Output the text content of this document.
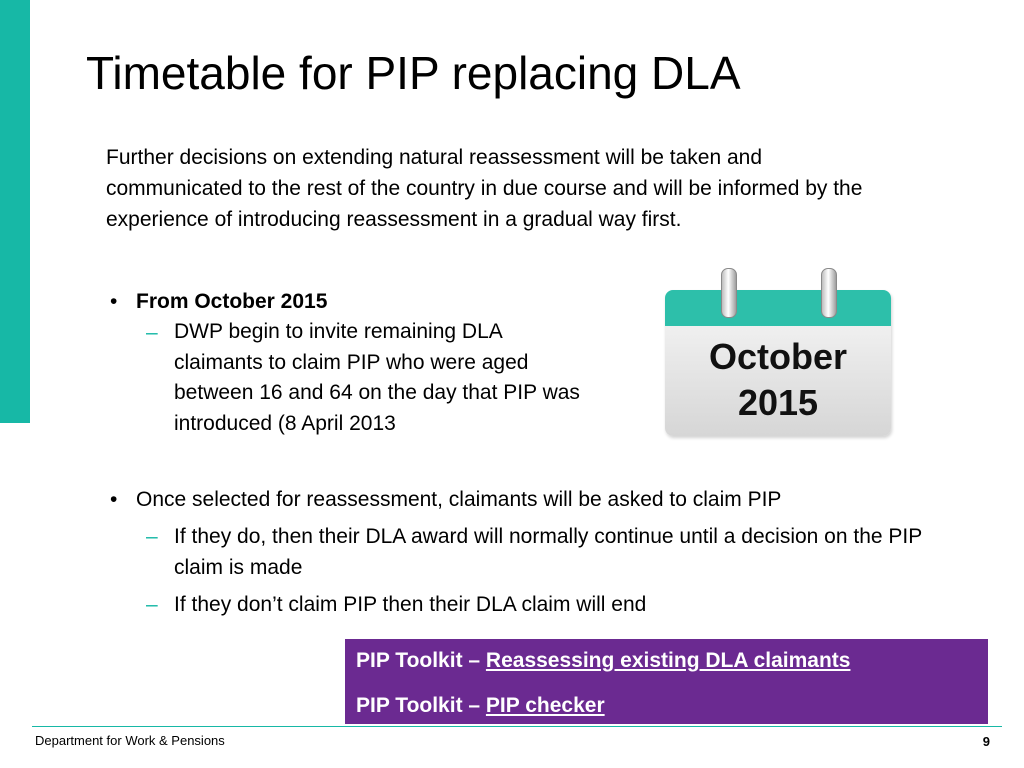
Timetable for PIP replacing DLA

Further decisions on extending natural reassessment will be taken and communicated to the rest of the country in due course and will be informed by the experience of introducing reassessment in a gradual way first.

• From October 2015
– DWP begin to invite remaining DLA claimants to claim PIP who were aged between 16 and 64 on the day that PIP was introduced (8 April 2013
October
2015
• Once selected for reassessment, claimants will be asked to claim PIP
– If they do, then their DLA award will normally continue until a decision on the PIP claim is made
– If they don’t claim PIP then their DLA claim will end
PIP Toolkit – Reassessing existing DLA claimants
PIP Toolkit – PIP checker
Department for Work & Pensions	9
